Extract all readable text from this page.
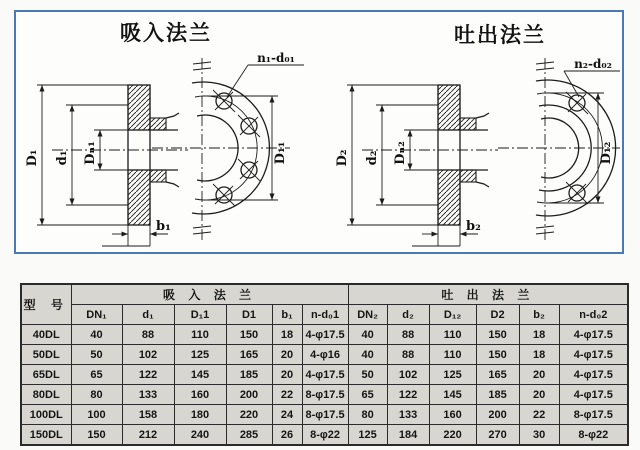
吸入法兰
D₁ d₁ Dₙ₁
b₁
D₁₁
n₁-d₀₁
吐出法兰
D₂ d₂ Dₙ₂
b₂
D₁₂
n₂-d₀₂
型 号	吸 入 法 兰						吐 出 法 兰					
	DN₁	d₁	D₁1	D1	b₁	n-d₀1	DN₂	d₂	D₁₂	D2	b₂	n-d₀2
40DL	40	88	110	150	18	4-φ17.5	40	88	110	150	18	4-φ17.5
50DL	50	102	125	165	20	4-φ16	40	88	110	150	18	4-φ17.5
65DL	65	122	145	185	20	4-φ17.5	50	102	125	165	20	4-φ17.5
80DL	80	133	160	200	22	8-φ17.5	65	122	145	185	20	4-φ17.5
100DL	100	158	180	220	24	8-φ17.5	80	133	160	200	22	8-φ17.5
150DL	150	212	240	285	26	8-φ22	125	184	220	270	30	8-φ22
